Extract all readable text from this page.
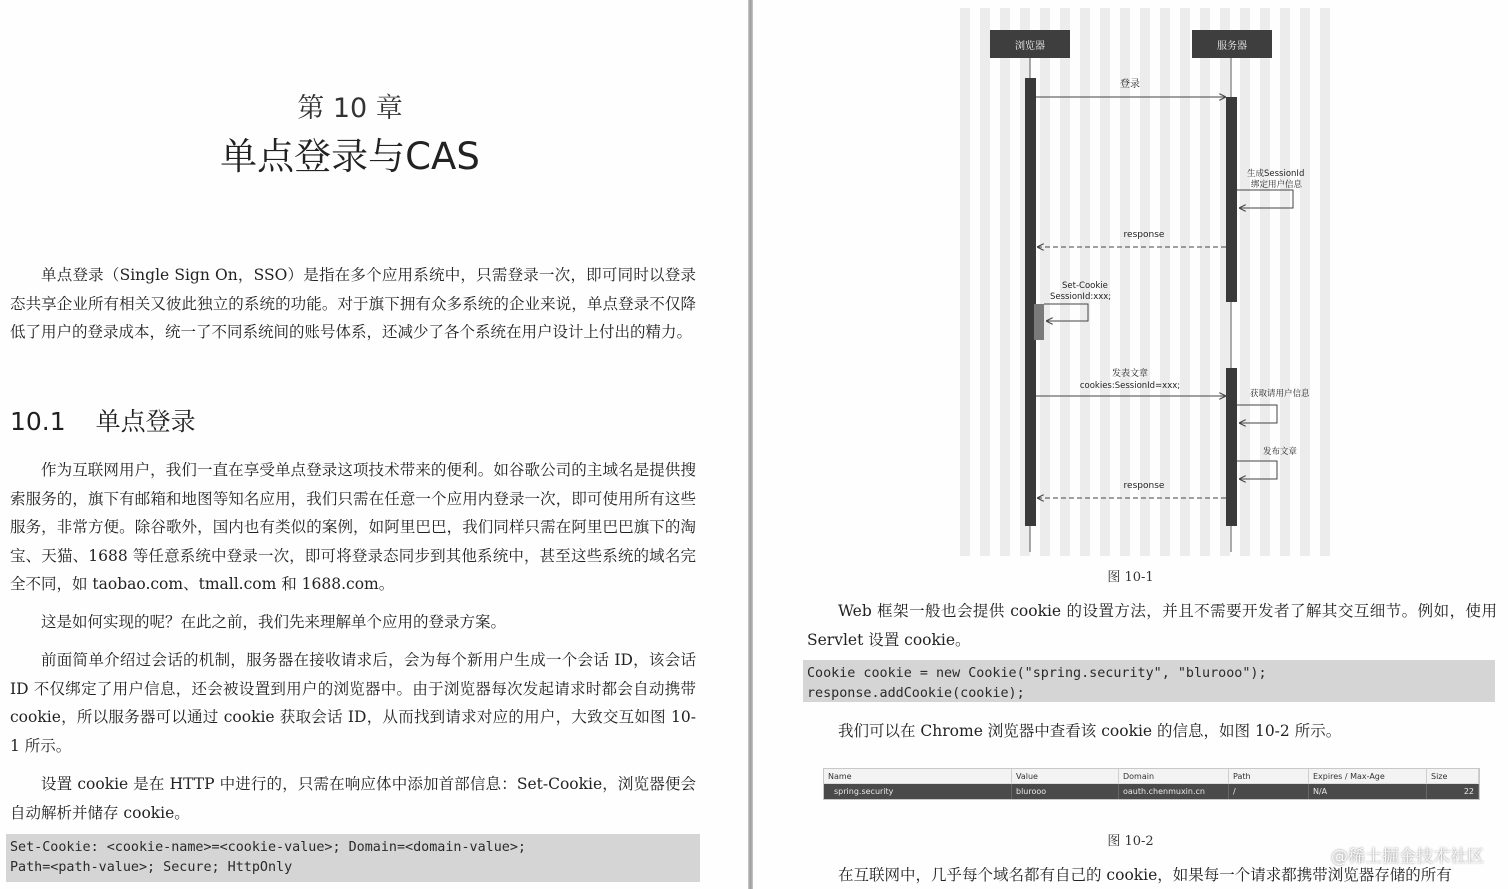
第 10 章
单点登录与CAS

单点登录（Single Sign On，SSO）是指在多个应用系统中，只需登录一次，即可同时以登录态共享企业所有相关又彼此独立的系统的功能。对于旗下拥有众多系统的企业来说，单点登录不仅降低了用户的登录成本，统一了不同系统间的账号体系，还减少了各个系统在用户设计上付出的精力。

10.1 单点登录

作为互联网用户，我们一直在享受单点登录这项技术带来的便利。如谷歌公司的主域名是提供搜索服务的，旗下有邮箱和地图等知名应用，我们只需在任意一个应用内登录一次，即可使用所有这些服务，非常方便。除谷歌外，国内也有类似的案例，如阿里巴巴，我们同样只需在阿里巴巴旗下的淘宝、天猫、1688 等任意系统中登录一次，即可将登录态同步到其他系统中，甚至这些系统的域名完全不同，如 taobao.com、tmall.com 和 1688.com。

这是如何实现的呢？在此之前，我们先来理解单个应用的登录方案。

前面简单介绍过会话的机制，服务器在接收请求后，会为每个新用户生成一个会话 ID，该会话 ID 不仅绑定了用户信息，还会被设置到用户的浏览器中。由于浏览器每次发起请求时都会自动携带 cookie，所以服务器可以通过 cookie 获取会话 ID，从而找到请求对应的用户，大致交互如图 10-1 所示。

设置 cookie 是在 HTTP 中进行的，只需在响应体中添加首部信息：Set-Cookie，浏览器便会自动解析并储存 cookie。

Set-Cookie: <cookie-name>=<cookie-value>; Domain=<domain-value>;
Path=<path-value>; Secure; HttpOnly
浏览器	服务器
登录
生成SessionId
绑定用户信息
response
Set-Cookie
SessionId:xxx;
发表文章
cookies:SessionId=xxx;
获取请用户信息
发布文章
response
图 10-1

Web 框架一般也会提供 cookie 的设置方法，并且不需要开发者了解其交互细节。例如，使用 Servlet 设置 cookie。

Cookie cookie = new Cookie("spring.security", "blurooo");
response.addCookie(cookie);

我们可以在 Chrome 浏览器中查看该 cookie 的信息，如图 10-2 所示。

Name	Value	Domain	Path	Expires / Max-Age	Size
spring.security	blurooo	oauth.chenmuxin.cn	/	N/A	22
图 10-2

在互联网中，几乎每个域名都有自己的 cookie，如果每一个请求都携带浏览器存储的所有

@稀土掘金技术社区
